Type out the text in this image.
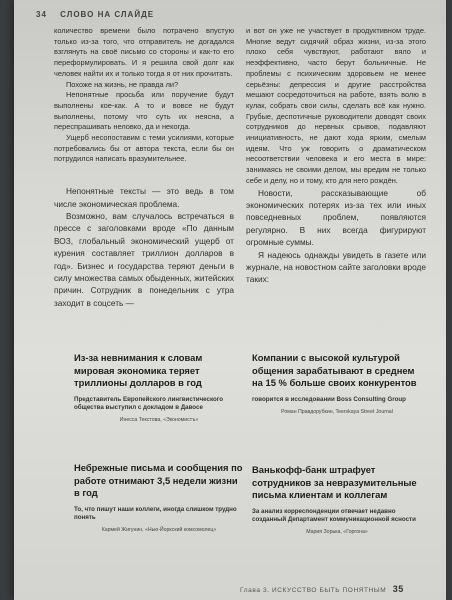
34 СЛОВО НА СЛАЙДЕ

количество времени было потрачено впустую только из-за того, что отправитель не догадался взглянуть на своё письмо со стороны и как-то его переформулировать. И я решила свой долг как человек найти их и только тогда я от них прочитать.

Похоже на жизнь, не правда ли?

Непонятные просьба или поручение будут выполнены кое-как. А то и вовсе не будут выполнены, потому что суть их неясна, а переспрашивать неловко, да и некогда.

Ущерб несопоставим с теми усилиями, которые потребовались бы от автора текста, если бы он потрудился написать вразумительнее.

Непонятные тексты — это ведь в том числе экономическая проблема.

Возможно, вам случалось встречаться в прессе с заголовками вроде «По данным ВОЗ, глобальный экономический ущерб от курения составляет триллион долларов в год». Бизнес и государства теряют деньги в силу множества самых обыденных, житейских причин. Сотрудник в понедельник с утра заходит в соцсеть —

и вот он уже не участвует в продуктивном труде. Многие ведут сидячий образ жизни, из-за этого плохо себя чувствуют, работают вяло и неэффективно, часто берут больничные. Не проблемы с психическим здоровьем не менее серьёзны: депрессия и другие расстройства мешают сосредоточиться на работе, взять волю в кулак, собрать свои силы, сделать всё как нужно. Грубые, деспотичные руководители доводят своих сотрудников до нервных срывов, подавляют инициативность, не дают хода ярким, смелым идеям. Что уж говорить о драматическом несоответствии человека и его места в мире: занимаясь не своими делом, мы вредим не только себе и делу, но и тому, кто для него рождён.

Новости, рассказывающие об экономических потерях из-за тех или иных повседневных проблем, появляются регулярно. В них всегда фигурируют огромные суммы.

Я надеюсь однажды увидеть в газете или журнале, на новостном сайте заголовки вроде таких:

Из-за невнимания к словам мировая экономика теряет триллионы долларов в год
Представитель Европейского лингвистического общества выступил с докладом в Давосе
Инесса Текстова, «Экономистъ»
Компании с высокой культурой общения зарабатывают в среднем на 15 % больше своих конкурентов
говорится в исследовании Boss Consulting Group
Роман Правдорубкин, Teerskaya Street Journal
Небрежные письма и сообщения по работе отнимают 3,5 недели жизни в год
То, что пишут наши коллеги, иногда слишком трудно понять
Кармей Жигунин, «Нью-Йоркский комсомолец»
Ванькофф-банк штрафует сотрудников за невразумительные письма клиентам и коллегам
За анализ корреспонденции отвечает недавно созданный Департамент коммуникационной ясности
Мария Зорька, «Горгона»
Глава 3. ИСКУССТВО БЫТЬ ПОНЯТНЫМ 35
